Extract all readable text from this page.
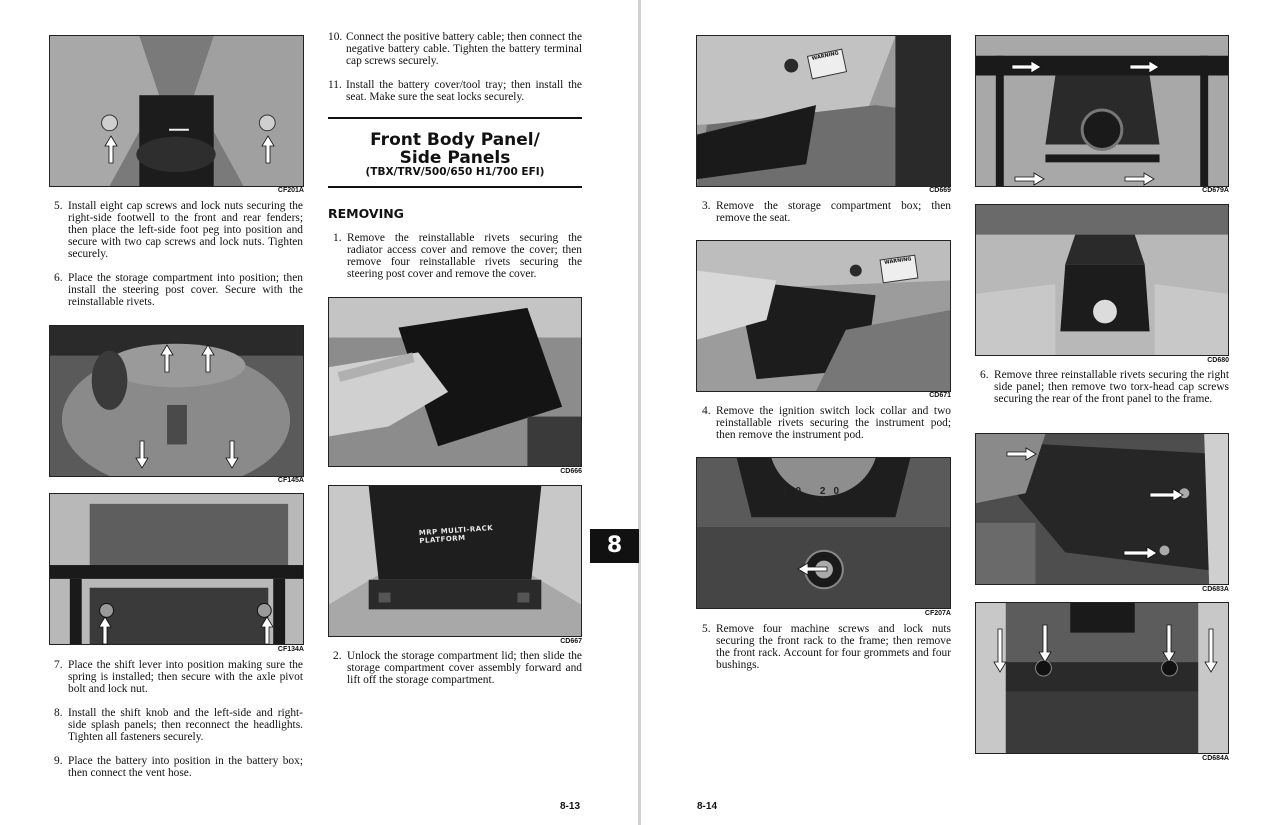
CF201A
5. Install eight cap screws and lock nuts securing the right-side footwell to the front and rear fenders; then place the left-side foot peg into position and secure with two cap screws and lock nuts. Tighten securely.
6. Place the storage compartment into position; then install the steering post cover. Secure with the reinstallable rivets.
CF145A
CF134A
7. Place the shift lever into position making sure the spring is installed; then secure with the axle pivot bolt and lock nut.
8. Install the shift knob and the left-side and right-side splash panels; then reconnect the headlights. Tighten all fasteners securely.
9. Place the battery into position in the battery box; then connect the vent hose.
10. Connect the positive battery cable; then connect the negative battery cable. Tighten the battery terminal cap screws securely.
11. Install the battery cover/tool tray; then install the seat. Make sure the seat locks securely.
Front Body Panel/
Side Panels
(TBX/TRV/500/650 H1/700 EFI)
REMOVING
1. Remove the reinstallable rivets securing the radiator access cover and remove the cover; then remove four reinstallable rivets securing the steering post cover and remove the cover.
CD666
MRP MULTI-RACK PLATFORM
CD667
2. Unlock the storage compartment lid; then slide the storage compartment cover assembly forward and lift off the storage compartment.
8-13
8
WARNING
CD669
3. Remove the storage compartment box; then remove the seat.
WARNING
CD671
4. Remove the ignition switch lock collar and two reinstallable rivets securing the instrument pod; then remove the instrument pod.
10 20
CF207A
5. Remove four machine screws and lock nuts securing the front rack to the frame; then remove the front rack. Account for four grommets and four bushings.
CD679A
CD680
6. Remove three reinstallable rivets securing the right side panel; then remove two torx-head cap screws securing the rear of the front panel to the frame.
CD683A
CD684A
8-14
